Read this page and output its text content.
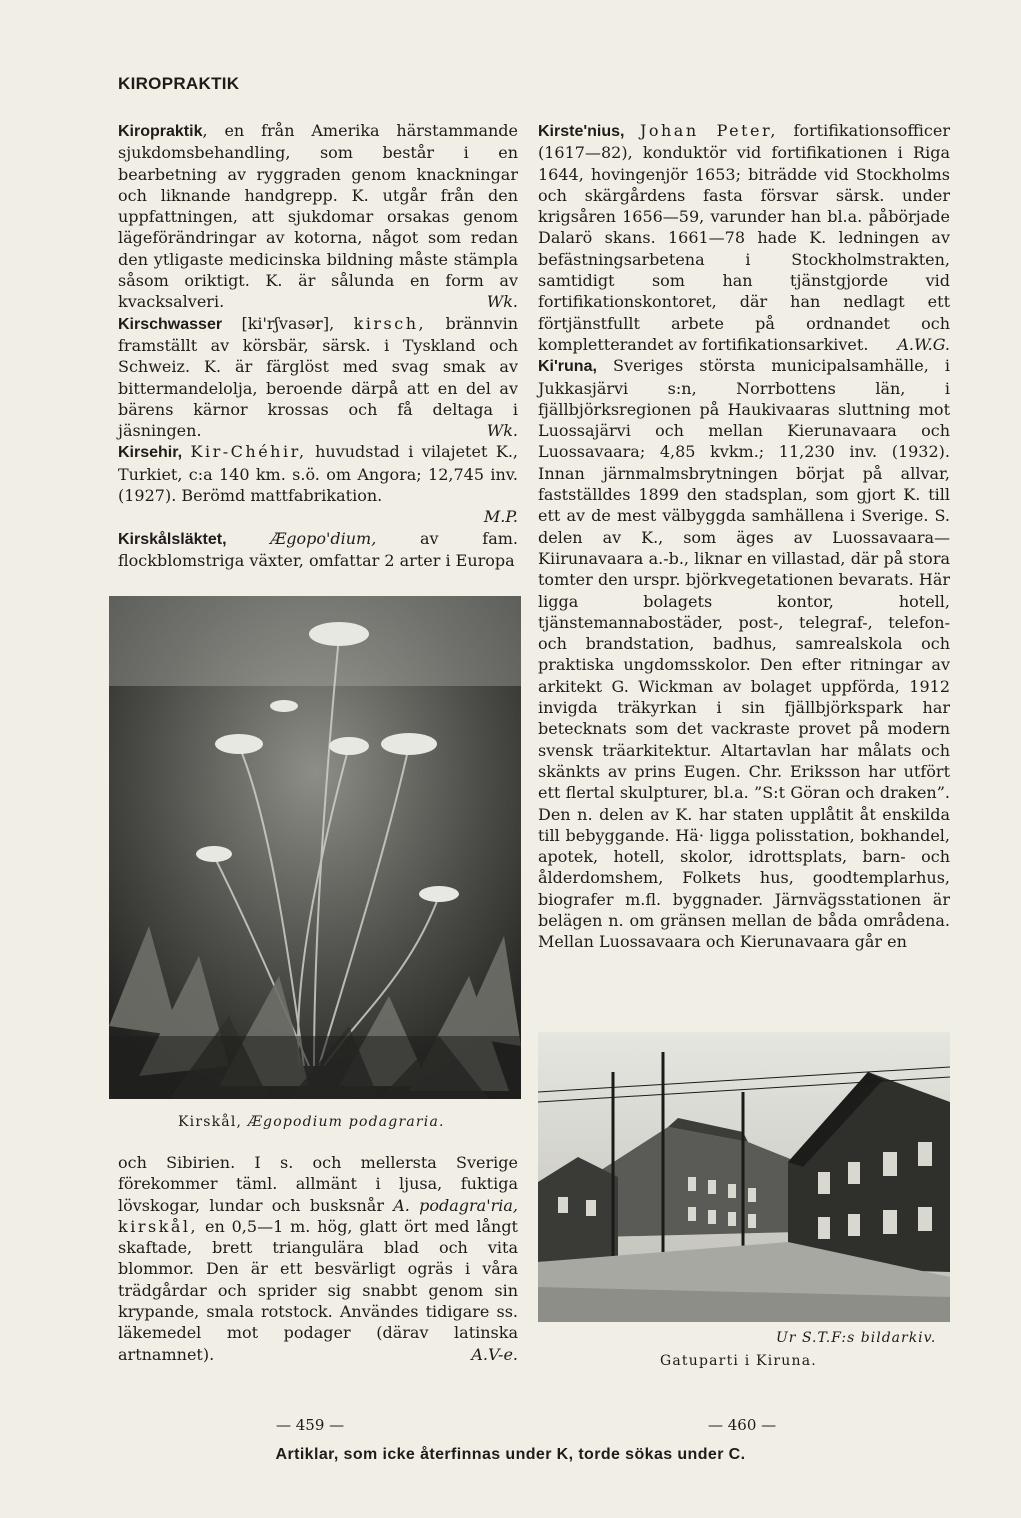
KIROPRAKTIK

Kiropraktik, en från Amerika härstammande sjukdomsbehandling, som består i en bearbetning av ryggraden genom knackningar och liknande handgrepp. K. utgår från den uppfattningen, att sjukdomar orsakas genom lägeförändringar av kotorna, något som redan den ytligaste medicinska bildning måste stämpla såsom oriktigt. K. är sålunda en form av kvacksalveri.	Wk.

Kirschwasser [ki'rʃvasər], kirsch, brännvin framställt av körsbär, särsk. i Tyskland och Schweiz. K. är färglöst med svag smak av bittermandelolja, beroende därpå att en del av bärens kärnor krossas och få deltaga i jäsningen.	Wk.

Kirsehir, Kir-Chéhir, huvudstad i vilajetet K., Turkiet, c:a 140 km. s.ö. om Angora; 12,745 inv. (1927). Berömd mattfabrikation.

M.P.

Kirskålsläktet,	Ægopo'dium,	av fam. flockblomstriga växter, omfattar 2 arter i Europa

Kirskål, Ægopodium podagraria.

och Sibirien. I s. och mellersta Sverige förekommer täml. allmänt i ljusa, fuktiga lövskogar, lundar och busksnår A. podagra'ria, kirskål, en 0,5—1 m. hög, glatt ört med långt skaftade, brett triangulära blad och vita blommor. Den är ett besvärligt ogräs i våra trädgårdar och sprider sig snabbt genom sin krypande, smala rotstock. Användes tidigare ss. läkemedel mot podager (därav latinska artnamnet).	A.V-e.

Kirste'nius, Johan Peter, fortifikationsofficer (1617—82), konduktör vid fortifikationen i Riga 1644, hovingenjör 1653; biträdde vid Stockholms och skärgårdens fasta försvar särsk. under krigsåren 1656—59, varunder han bl.a. påbörjade Dalarö skans. 1661—78 hade K. ledningen av befästningsarbetena i Stockholmstrakten, samtidigt som han tjänstgjorde vid fortifikationskontoret, där han nedlagt ett förtjänstfullt arbete på ordnandet och kompletterandet av fortifikationsarkivet.	A.W.G.

Ki'runa, Sveriges största municipalsamhälle, i Jukkasjärvi s:n, Norrbottens län, i fjällbjörksregionen på Haukivaaras sluttning mot Luossajärvi och mellan Kierunavaara och Luossavaara; 4,85 kvkm.; 11,230 inv. (1932). Innan järnmalmsbrytningen börjat på allvar, fastställdes 1899 den stadsplan, som gjort K. till ett av de mest välbyggda samhällena i Sverige. S. delen av K., som äges av Luossavaara—Kiirunavaara a.-b., liknar en villastad, där på stora tomter den urspr. björkvegetationen bevarats. Här ligga bolagets kontor, hotell, tjänstemannabostäder, post-, telegraf-, telefon- och brandstation, badhus, samrealskola och praktiska ungdomsskolor. Den efter ritningar av arkitekt G. Wickman av bolaget uppförda, 1912 invigda träkyrkan i sin fjällbjörkspark har betecknats som det vackraste provet på modern svensk träarkitektur. Altartavlan har målats och skänkts av prins Eugen. Chr. Eriksson har utfört ett flertal skulpturer, bl.a. ”S:t Göran och draken”. Den n. delen av K. har staten upplåtit åt enskilda till bebyggande. Hä· ligga polisstation, bokhandel, apotek, hotell, skolor, idrottsplats, barn- och ålderdomshem, Folkets hus, goodtemplarhus, biografer m.fl. byggnader. Järnvägsstationen är belägen n. om gränsen mellan de båda områdena. Mellan Luossavaara och Kierunavaara går en

Ur S.T.F:s bildarkiv.
Gatuparti i Kiruna.
— 459 —	— 460 —
Artiklar, som icke återfinnas under K, torde sökas under C.
